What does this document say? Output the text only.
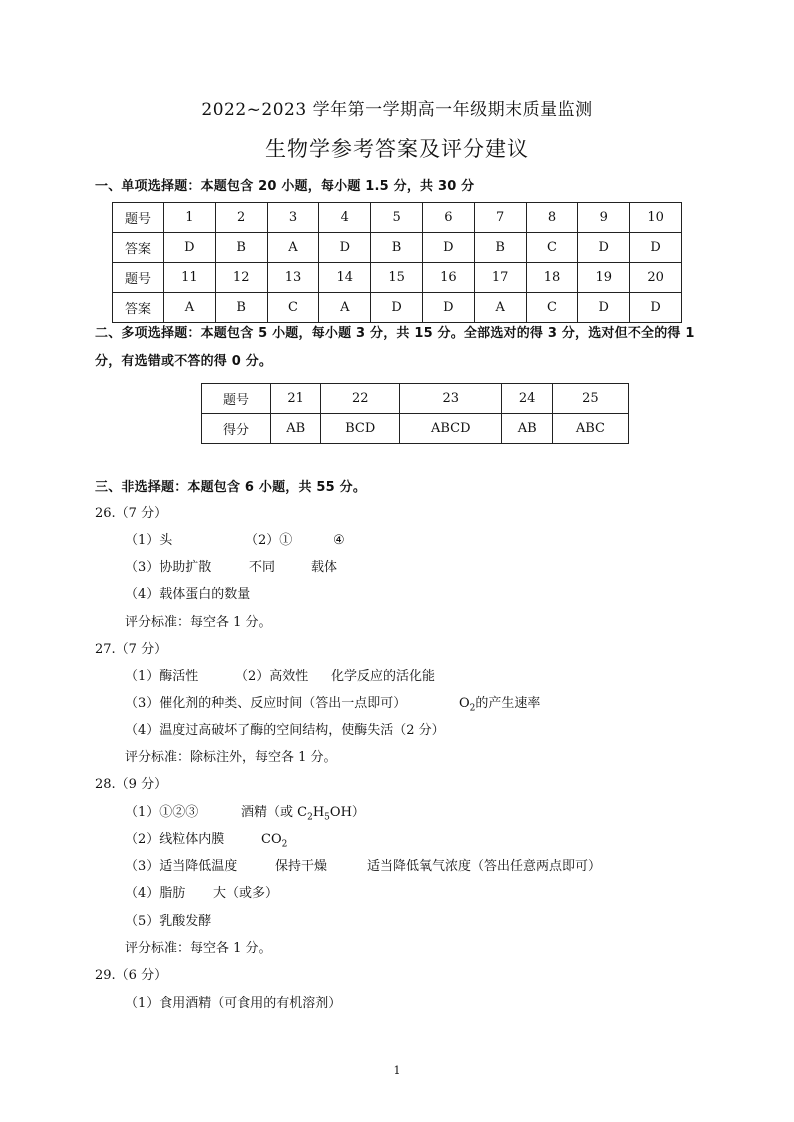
2022~2023 学年第一学期高一年级期末质量监测
生物学参考答案及评分建议
一、单项选择题：本题包含 20 小题，每小题 1.5 分，共 30 分
题号	1	2	3	4	5	6	7	8	9	10
答案	D	B	A	D	B	D	B	C	D	D
题号	11	12	13	14	15	16	17	18	19	20
答案	A	B	C	A	D	D	A	C	D	D
二、多项选择题：本题包含 5 小题，每小题 3 分，共 15 分。全部选对的得 3 分，选对但不全的得 1 分，有选错或不答的得 0 分。
题号	21	22	23	24	25
得分	AB	BCD	ABCD	AB	ABC
三、非选择题：本题包含 6 小题，共 55 分。
26.（7 分）
（1）头	（2）①	④
（3）协助扩散	不同	载体
（4）载体蛋白的数量
评分标准：每空各 1 分。
27.（7 分）
（1）酶活性	（2）高效性 化学反应的活化能
（3）催化剂的种类、反应时间（答出一点即可）	$O_2$的产生速率
（4）温度过高破坏了酶的空间结构，使酶失活（2 分）
评分标准：除标注外，每空各 1 分。
28.（9 分）
（1）①②③	酒精（或 $C_2H_5OH$）
（2）线粒体内膜	$CO_2$
（3）适当降低温度	保持干燥	适当降低氧气浓度（答出任意两点即可）
（4）脂肪 大（或多）
（5）乳酸发酵
评分标准：每空各 1 分。
29.（6 分）
（1）食用酒精（可食用的有机溶剂）
1
